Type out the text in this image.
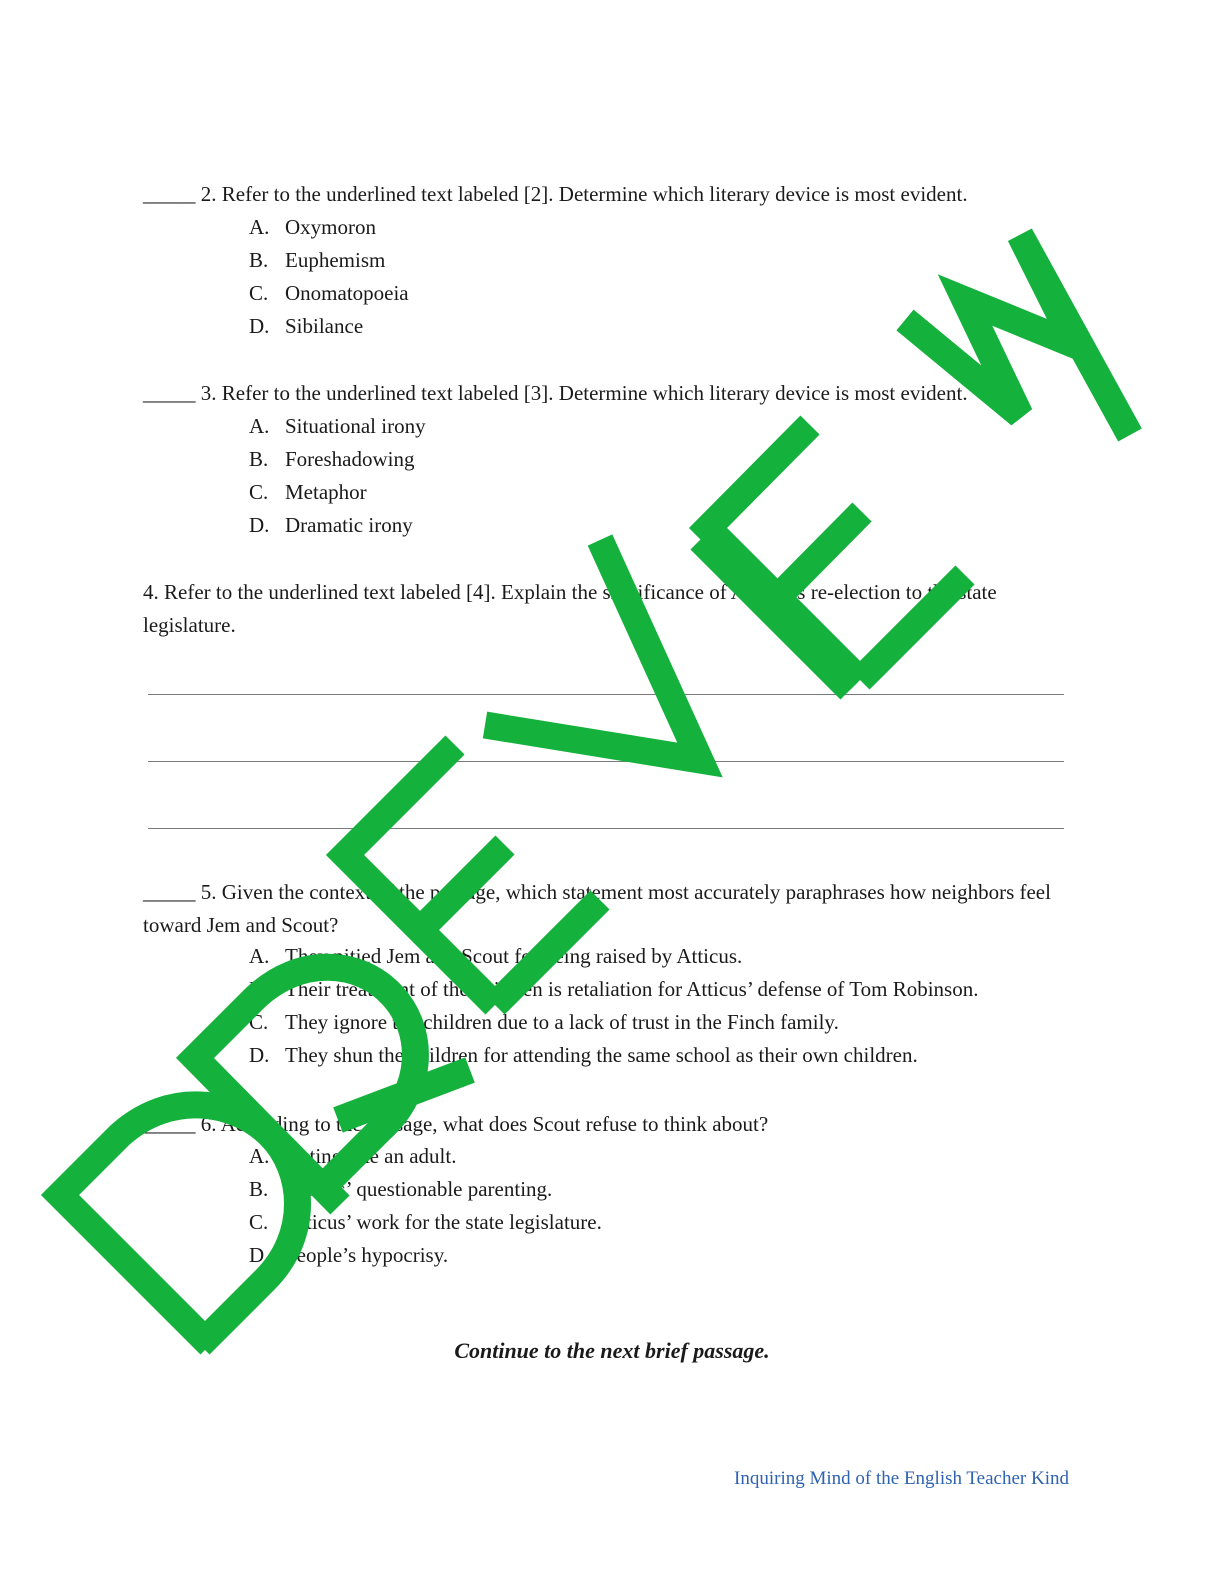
_____ 2. Refer to the underlined text labeled [2]. Determine which literary device is most evident.

A. Oxymoron
B. Euphemism
C. Onomatopoeia
D. Sibilance

_____ 3. Refer to the underlined text labeled [3]. Determine which literary device is most evident.

A. Situational irony
B. Foreshadowing
C. Metaphor
D. Dramatic irony

4. Refer to the underlined text labeled [4]. Explain the significance of Atticus’s re-election to the state legislature.

_____ 5. Given the context of the passage, which statement most accurately paraphrases how neighbors feel toward Jem and Scout?

A. They pitied Jem and Scout for being raised by Atticus.
B. Their treatment of the children is retaliation for Atticus’ defense of Tom Robinson.
C. They ignore the children due to a lack of trust in the Finch family.
D. They shun the children for attending the same school as their own children.

_____ 6. According to the passage, what does Scout refuse to think about?

A. Acting like an adult.
B. Atticus’ questionable parenting.
C. Atticus’ work for the state legislature.
D. People’s hypocrisy.
Continue to the next brief passage.
Inquiring Mind of the English Teacher Kind
